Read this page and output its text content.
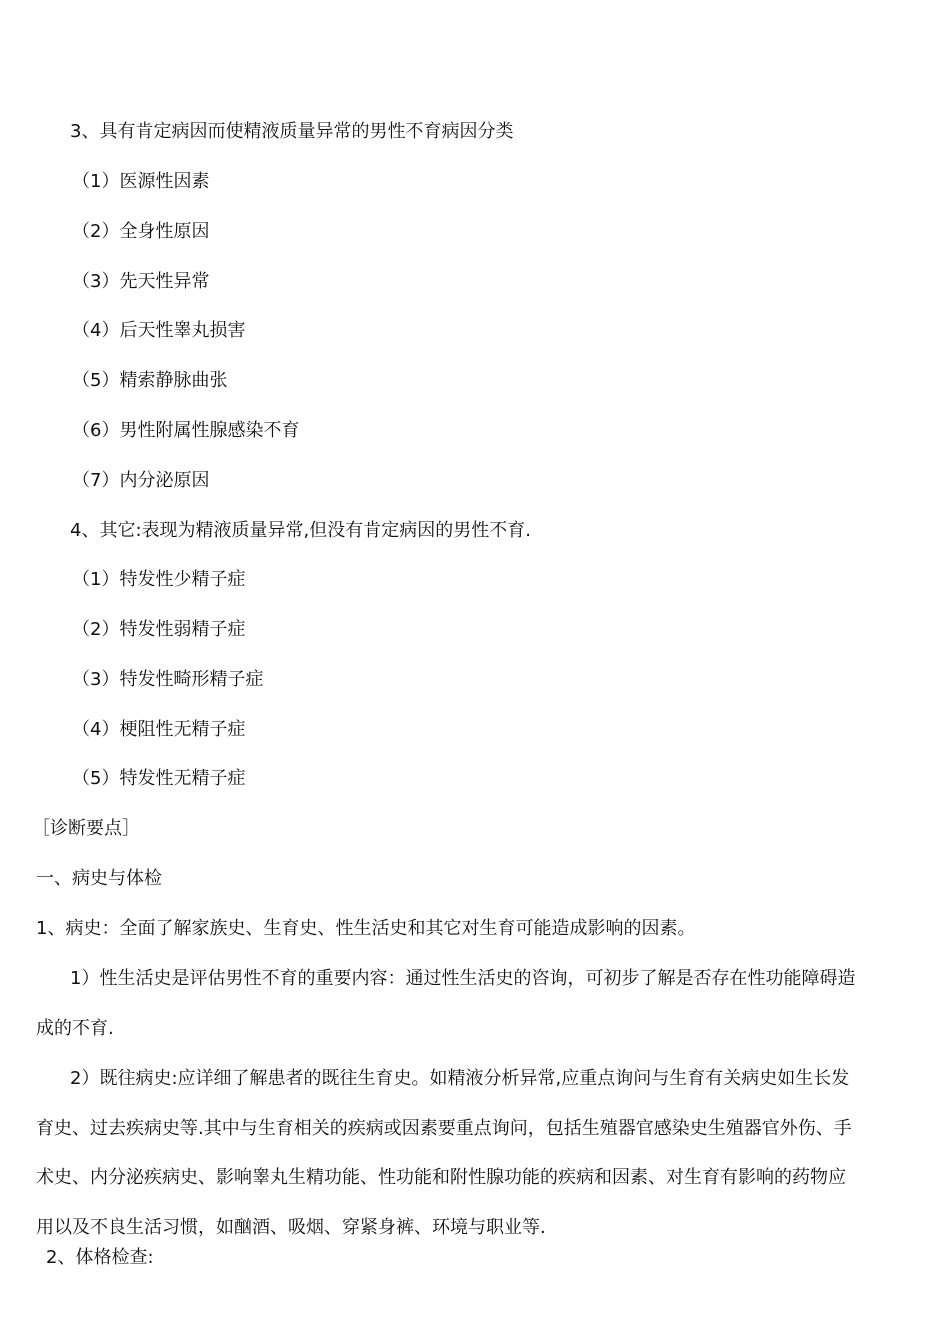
3、具有肯定病因而使精液质量异常的男性不育病因分类

（1）医源性因素

（2）全身性原因

（3）先天性异常

（4）后天性睾丸损害

（5）精索静脉曲张

（6）男性附属性腺感染不育

（7）内分泌原因

4、其它:表现为精液质量异常,但没有肯定病因的男性不育.

（1）特发性少精子症

（2）特发性弱精子症

（3）特发性畸形精子症

（4）梗阻性无精子症

（5）特发性无精子症

［诊断要点］

一、病史与体检

1、病史：全面了解家族史、生育史、性生活史和其它对生育可能造成影响的因素。

1）性生活史是评估男性不育的重要内容：通过性生活史的咨询，可初步了解是否存在性功能障碍造

成的不育.

2）既往病史:应详细了解患者的既往生育史。如精液分析异常,应重点询问与生育有关病史如生长发

育史、过去疾病史等.其中与生育相关的疾病或因素要重点询问，包括生殖器官感染史生殖器官外伤、手

术史、内分泌疾病史、影响睾丸生精功能、性功能和附性腺功能的疾病和因素、对生育有影响的药物应

用以及不良生活习惯，如酗酒、吸烟、穿紧身裤、环境与职业等.

2、体格检查:
